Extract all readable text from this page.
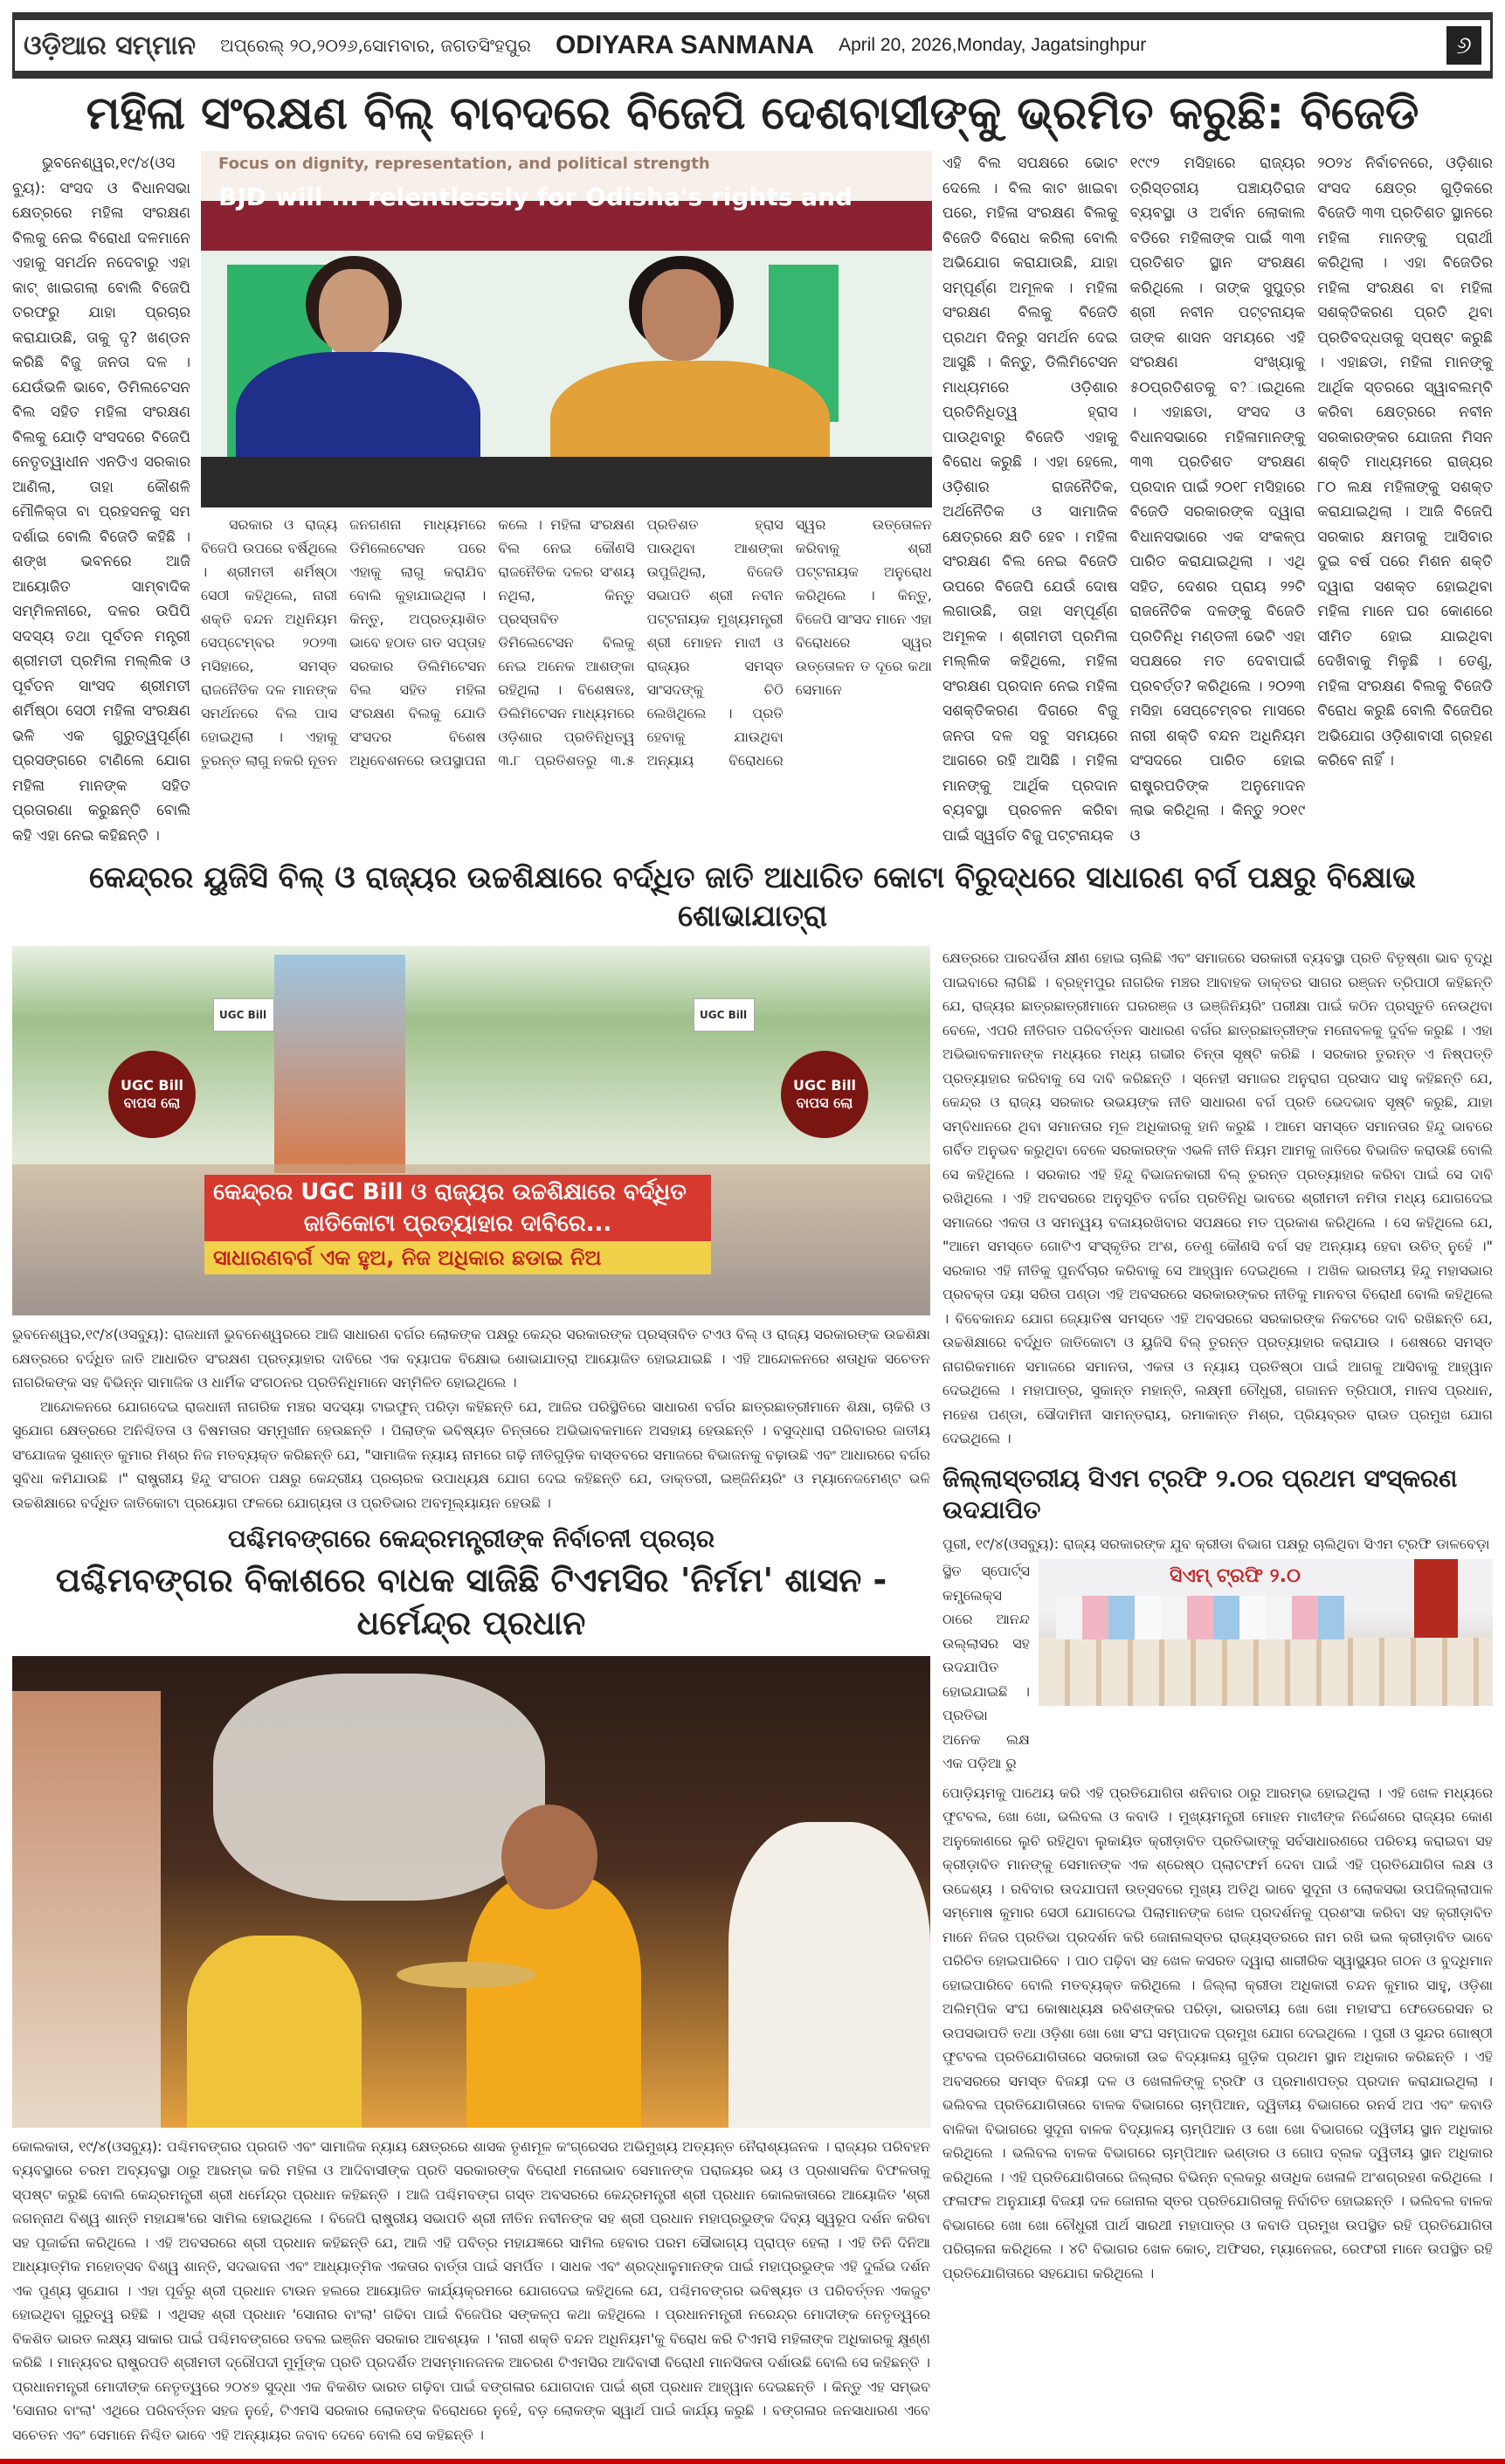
ଓଡ଼ିଆର ସମ୍ମାନ ଅପ୍ରେଲ୍ ୨୦,୨୦୨୬,ସୋମବାର, ଜଗତସିଂହପୁର ODIYARA SANMANA April 20, 2026,Monday, Jagatsinghpur	୬
ମହିଳା ସଂରକ୍ଷଣ ବିଲ୍ ବାବଦରେ ବିଜେପି ଦେଶବାସୀଙ୍କୁ ଭ୍ରମିତ କରୁଛି: ବିଜେଡି

ଭୁବନେଶ୍ୱର,୧୯/୪(ଓସବ୍ୟୁ): ସଂସଦ ଓ ବିଧାନସଭା କ୍ଷେତ୍ରରେ ମହିଳା ସଂରକ୍ଷଣ ବିଲକୁ ନେଇ ବିରୋଧୀ ଦଳମାନେ ଏହାକୁ ସମର୍ଥନ ନଦେବାରୁ ଏହା କାଟ୍ ଖାଇଗଲା ବୋଲି ବିଜେପି ତରଫରୁ ଯାହା ପ୍ରଚାର କରାଯାଉଛି, ତାକୁ ଦୃ? ଖଣ୍ଡନ କରିଛି ବିଜୁ ଜନତା ଦଳ । ଯେଉଁଭଳି ଭାବେ, ଡିମିଲଟେସନ ବିଲ ସହିତ ମହିଳା ସଂରକ୍ଷଣ ବିଲକୁ ଯୋଡ଼ି ସଂସଦରେ ବିଜେପି ନେତୃତ୍ୱାଧୀନ ଏନଡିଏ ସରକାର ଆଣିଲା, ତାହା କୌଶଳି ମୌଳିକ୍ତା ବା ପ୍ରହସନକୁ ସମ ଦର୍ଶାଇ ବୋଲି ବିଜେଡି କହିଛି । ଶଙ୍ଖ ଭବନରେ ଆଜି ଆୟୋଜିତ ସାମ୍ବାଦିକ ସମ୍ମିଳନୀରେ, ଦଳର ଉପିପି ସଦସ୍ୟ ତଥା ପୂର୍ବତନ ମନ୍ତ୍ରୀ ଶ୍ରୀମତୀ ପ୍ରମିଳା ମଲ୍ଲିକ ଓ ପୂର୍ବତନ ସାଂସଦ ଶ୍ରୀମତୀ ଶର୍ମିଷ୍ଠା ସେଠୀ ମହିଳା ସଂରକ୍ଷଣ ଭଳି ଏକ ଗୁରୁତ୍ୱପୂର୍ଣ୍ଣ ପ୍ରସଙ୍ଗରେ ଟାଣିଲେ ଯୋଗ ମହିଳା ମାନଙ୍କ ସହିତ ପ୍ରତାରଣା କରୁଛନ୍ତି ବୋଲି କହି ଏହା ନେଇ କହିଛନ୍ତି ।

Focus on dignity, representation, and political strength
BJD will ... relentlessly for Odisha's rights and

ସରକାର ଓ ରାଜ୍ୟ ବିଜେପି ଉପରେ ବର୍ଷିଥିଲେ । ଶ୍ରୀମତୀ ଶର୍ମିଷ୍ଠା ସେଠୀ କହିଥିଲେ, ନାରୀ ଶକ୍ତି ବନ୍ଦନ ଅଧିନିୟମ ସେପ୍ଟେମ୍ବର ୨୦୨୩ ମସିହାରେ, ସମସ୍ତ ରାଜନୈତିକ ଦଳ ମାନଙ୍କ ସମର୍ଥନରେ ବିଲ ପାସ ହୋଇଥିଲା । ଏହାକୁ ତୁରନ୍ତ ଲାଗୁ ନକରି ନୂତନ ଜନଗଣନା ମାଧ୍ୟମରେ ଡିମିଲେଟେସନ ପରେ ଏହାକୁ ଲାଗୁ କରାଯିବ ବୋଲି କୁହାଯାଇଥିଲା । କିନ୍ତୁ, ଅପ୍ରତ୍ୟାଶିତ ଭାବେ ହଠାତ ଗତ ସପ୍ତାହ ସରକାର ଡିଲିମିଟେସନ ବିଲ ସହିତ ମହିଳା ସଂରକ୍ଷଣ ବିଲକୁ ଯୋଡି ସଂସଦର ବିଶେଷ ଅଧିବେଶନରେ ଉପସ୍ଥାପନା କଲେ । ମହିଳା ସଂରକ୍ଷଣ ବିଲ ନେଇ କୌଣସି ରାଜନୈତିକ ଦଳର ସଂଶୟ ନଥିଲା, କିନ୍ତୁ ପ୍ରସ୍ତାବିତ ଡିମିଲେଟେସନ ବିଲକୁ ନେଇ ଅନେକ ଆଶଙ୍କା ରହିଥିଲା । ବିଶେଷତଃ, ଡିଲିମିଟେସନ ମାଧ୍ୟମରେ ଓଡ଼ିଶାର ପ୍ରତିନିଧିତ୍ୱ ୩.୮ ପ୍ରତିଶତରୁ ୩.୫ ପ୍ରତିଶତ ହ୍ରାସ ପାଉଥିବା ଆଶଙ୍କା ଉପୁଜିଥିଲା, ବିଜେଡି ସଭାପତି ଶ୍ରୀ ନବୀନ ପଟ୍ଟନାୟକ ମୁଖ୍ୟମନ୍ତ୍ରୀ ଶ୍ରୀ ମୋହନ ମାଝୀ ଓ ରାଜ୍ୟର ସମସ୍ତ ସାଂସଦଙ୍କୁ ଚିଠି ଲେଖିଥିଲେ । ପ୍ରତି ହେବାକୁ ଯାଉଥିବା ଅନ୍ୟାୟ ବିରୋଧରେ ସ୍ୱର ଉତ୍ତୋଳନ କରିବାକୁ ଶ୍ରୀ ପଟ୍ଟନାୟକ ଅନୁରୋଧ କରିଥିଲେ । କିନ୍ତୁ, ବିଜେପି ସାଂସଦ ମାନେ ଏହା ବିରୋଧରେ ସ୍ୱର ଉତ୍ତୋଳନ ତ ଦୂରେ କଥା ସେମାନେ

ଏହି ବିଲ ସପକ୍ଷରେ ଭୋଟ ଦେଲେ । ବିଲ କାଟ ଖାଇବା ପରେ, ମହିଳା ସଂରକ୍ଷଣ ବିଲକୁ ବିଜେଡି ବିରୋଧ କରିଲା ବୋଲି ଅଭିଯୋଗ କରାଯାଉଛି, ଯାହା ସମ୍ପୂର୍ଣ୍ଣ ଅମୂଳକ । ମହିଳା ସଂରକ୍ଷଣ ବିଲକୁ ବିଜେଡି ପ୍ରଥମ ଦିନରୁ ସମର୍ଥନ ଦେଇ ଆସୁଛି । କିନ୍ତୁ, ଡିଲିମିଟେସନ ମାଧ୍ୟମରେ ଓଡ଼ିଶାର ପ୍ରତିନିଧିତ୍ୱ ହ୍ରାସ ପାଉଥିବାରୁ ବିଜେଡି ଏହାକୁ ବିରୋଧ କରୁଛି । ଏହା ହେଲେ, ଓଡ଼ିଶାର ରାଜନୈତିକ, ଅର୍ଥନୈତିକ ଓ ସାମାଜିକ କ୍ଷେତ୍ରରେ କ୍ଷତି ହେବ । ମହିଳା ସଂରକ୍ଷଣ ବିଲ ନେଇ ବିଜେଡି ଉପରେ ବିଜେପି ଯେଉଁ ଦୋଷ ଲଗାଉଛି, ତାହା ସମ୍ପୂର୍ଣ୍ଣ ଅମୂଳକ । ଶ୍ରୀମତୀ ପ୍ରମିଳା ମଲ୍ଲିକ କହିଥିଲେ, ମହିଳା ସଂରକ୍ଷଣ ପ୍ରଦାନ ନେଇ ମହିଳା ସଶକ୍ତିକରଣ ଦିଗରେ ବିଜୁ ଜନତା ଦଳ ସବୁ ସମୟରେ ଆଗରେ ରହି ଆସିଛି । ମହିଳା ମାନଙ୍କୁ ଆର୍ଥିକ ପ୍ରଦାନ ବ୍ୟବସ୍ଥା ପ୍ରଚଳନ କରିବା ପାଇଁ ସ୍ୱର୍ଗତ ବିଜୁ ପଟ୍ଟନାୟକ

୧୯୯୨ ମସିହାରେ ରାଜ୍ୟର ତ୍ରିସ୍ତରୀୟ ପଞ୍ଚାୟତିରାଜ ବ୍ୟବସ୍ଥା ଓ ଅର୍ବାନ ଲୋକାଲ ବଡିରେ ମହିଳାଙ୍କ ପାଇଁ ୩୩ ପ୍ରତିଶତ ସ୍ଥାନ ସଂରକ୍ଷଣ କରିଥିଲେ । ତାଙ୍କ ସୁପୁତ୍ର ଶ୍ରୀ ନବୀନ ପଟ୍ଟନାୟକ ତାଙ୍କ ଶାସନ ସମୟରେ ଏହି ସଂରକ୍ଷଣ ସଂଖ୍ୟାକୁ ୫୦ପ୍ରତିଶତକୁ ବ?ାଇଥିଲେ । ଏହାଛଡା, ସଂସଦ ଓ ବିଧାନସଭାରେ ମହିଳାମାନଙ୍କୁ ୩୩ ପ୍ରତିଶତ ସଂରକ୍ଷଣ ପ୍ରଦାନ ପାଇଁ ୨୦୧୮ ମସିହାରେ ବିଜେଡି ସରକାରଙ୍କ ଦ୍ୱାରା ବିଧାନସଭାରେ ଏକ ସଂକଳ୍ପ ପାରିତ କରାଯାଇଥିଲା । ଏଥି ସହିତ, ଦେଶର ପ୍ରାୟ ୨୨ଟି ରାଜନୈତିକ ଦଳଙ୍କୁ ବିଜେଡି ପ୍ରତିନିଧି ମଣ୍ଡଳୀ ଭେଟି ଏହା ସପକ୍ଷରେ ମତ ଦେବାପାଇଁ ପ୍ରବର୍ତ୍ତ? କରିଥିଲେ । ୨୦୨୩ ମସିହା ସେପ୍ଟେମ୍ବର ମାସରେ ନାରୀ ଶକ୍ତି ବନ୍ଦନ ଅଧିନିୟମ ସଂସଦରେ ପାରିତ ହୋଇ ରାଷ୍ଟ୍ରପତିଙ୍କ ଅନୁମୋଦନ ଲାଭ କରିଥିଲା । କିନ୍ତୁ ୨୦୧୯ ଓ

୨୦୨୪ ନିର୍ବାଚନରେ, ଓଡ଼ିଶାର ସଂସଦ କ୍ଷେତ୍ର ଗୁଡ଼ିକରେ ବିଜେଡି ୩୩ ପ୍ରତିଶତ ସ୍ଥାନରେ ମହିଳା ମାନଙ୍କୁ ପ୍ରାର୍ଥୀ କରିଥିଲା । ଏହା ବିଜେଡିର ମହିଳା ସଂରକ୍ଷଣ ବା ମହିଳା ସଶକ୍ତିକରଣ ପ୍ରତି ଥିବା ପ୍ରତିବଦ୍ଧତାକୁ ସ୍ପଷ୍ଟ କରୁଛି । ଏହାଛଡା, ମହିଳା ମାନଙ୍କୁ ଆର୍ଥିକ ସ୍ତରରେ ସ୍ୱାବଲମ୍ବି କରିବା କ୍ଷେତ୍ରରେ ନବୀନ ସରକାରଙ୍କର ଯୋଜନା ମିସନ ଶକ୍ତି ମାଧ୍ୟମରେ ରାଜ୍ୟର ୮୦ ଲକ୍ଷ ମହିଳାଙ୍କୁ ସଶକ୍ତ କରାଯାଇଥିଲା । ଆଜି ବିଜେପି ସରକାର କ୍ଷମତାକୁ ଆସିବାର ଦୁଇ ବର୍ଷ ପରେ ମିଶନ ଶକ୍ତି ଦ୍ୱାରା ସଶକ୍ତ ହୋଇଥିବା ମହିଳା ମାନେ ଘର କୋଣରେ ସୀମିତ ହୋଇ ଯାଇଥିବା ଦେଖିବାକୁ ମିଳୁଛି । ତେଣୁ, ମହିଳା ସଂରକ୍ଷଣ ବିଲକୁ ବିଜେଡି ବିରୋଧ କରୁଛି ବୋଲି ବିଜେପିର ଅଭିଯୋଗ ଓଡ଼ିଶାବାସୀ ଗ୍ରହଣ କରିବେ ନାହିଁ ।

କେନ୍ଦ୍ରର ୟୁଜିସି ବିଲ୍ ଓ ରାଜ୍ୟର ଉଚ୍ଚଶିକ୍ଷାରେ ବର୍ଦ୍ଧିତ ଜାତି ଆଧାରିତ କୋଟା ବିରୁଦ୍ଧରେ ସାଧାରଣ ବର୍ଗ ପକ୍ଷରୁ ବିକ୍ଷୋଭ ଶୋଭାଯାତ୍ରା
କେନ୍ଦ୍ରର UGC Bill ଓ ରାଜ୍ୟର ଉଚ୍ଚଶିକ୍ଷାରେ ବର୍ଦ୍ଧିତ
ଜାତିକୋଟା ପ୍ରତ୍ୟାହାର ଦାବିରେ...
ସାଧାରଣବର୍ଗ ଏକ ହୁଅ, ନିଜ ଅଧିକାର ଛଡାଇ ନିଅ
UGC Bill ବାପସ ଲୋ
UGC Bill ବାପସ ଲୋ
UGC Bill	UGC Bill

ଭୁବନେଶ୍ୱର,୧୯/୪(ଓସବ୍ୟୁ): ରାଜଧାନୀ ଭୁବନେଶ୍ୱରରେ ଆଜି ସାଧାରଣ ବର୍ଗର ଲୋକଙ୍କ ପକ୍ଷରୁ କେନ୍ଦ୍ର ସରକାରଙ୍କ ପ୍ରସ୍ତାବିତ ଟଏଓ ବିଲ୍ ଓ ରାଜ୍ୟ ସରକାରଙ୍କ ଉଚ୍ଚଶିକ୍ଷା କ୍ଷେତ୍ରରେ ବର୍ଦ୍ଧିତ ଜାତି ଆଧାରିତ ସଂରକ୍ଷଣ ପ୍ରତ୍ୟାହାର ଦାବିରେ ଏକ ବ୍ୟାପକ ବିକ୍ଷୋଭ ଶୋଭାଯାତ୍ରା ଆୟୋଜିତ ହୋଇଯାଇଛି । ଏହି ଆନ୍ଦୋଳନରେ ଶତାଧିକ ସଚେତନ ନାଗରିକଙ୍କ ସହ ବିଭିନ୍ନ ସାମାଜିକ ଓ ଧାର୍ମିକ ସଂଗଠନର ପ୍ରତିନିଧିମାନେ ସମ୍ମିଳିତ ହୋଇଥିଲେ ।

ଆନ୍ଦୋଳନରେ ଯୋଗଦେଇ ରାଜଧାନୀ ନାଗରିକ ମଞ୍ଚର ସଦସ୍ୟା ଟାଇଫୁନ୍ ପରିଡ଼ା କହିଛନ୍ତି ଯେ, ଆଜିର ପରିସ୍ଥିତିରେ ସାଧାରଣ ବର୍ଗର ଛାତ୍ରଛାତ୍ରୀମାନେ ଶିକ୍ଷା, ଚାକିରି ଓ ସୁଯୋଗ କ୍ଷେତ୍ରରେ ଅନିଶ୍ଚିତତା ଓ ବିଷମତାର ସମ୍ମୁଖୀନ ହେଉଛନ୍ତି । ପିଲାଙ୍କ ଭବିଷ୍ୟତ ଚିନ୍ତାରେ ଅଭିଭାବକମାନେ ଅସହାୟ ହେଉଛନ୍ତି । ବସୁଦ୍ଧାରା ପରିବାରର ଜାତୀୟ ସଂଯୋଜକ ସୁଶାନ୍ତ କୁମାର ମିଶ୍ର ନିଜ ମତବ୍ୟକ୍ତ କରିଛନ୍ତି ଯେ, "ସାମାଜିକ ନ୍ୟାୟ ନାମରେ ଗଢ଼ି ନୀତିଗୁଡ଼ିକ ବାସ୍ତବରେ ସମାଜରେ ବିଭାଜନକୁ ବଢ଼ାଉଛି ଏବଂ ଆଧାରରେ ବର୍ଗର ସୁବିଧା କମିଯାଉଛି ।" ରାଷ୍ଟ୍ରୀୟ ହିନ୍ଦୁ ସଂଗଠନ ପକ୍ଷରୁ କେନ୍ଦ୍ରୀୟ ପ୍ରଚାରକ ଉପାଧ୍ୟକ୍ଷ ଯୋଗ ଦେଇ କହିଛନ୍ତି ଯେ, ଡାକ୍ତରୀ, ଇଞ୍ଜିନିୟରିଂ ଓ ମ୍ୟାନେଜମେଣ୍ଟ ଭଳି ଉଚ୍ଚଶିକ୍ଷାରେ ବର୍ଦ୍ଧିତ ଜାତିକୋଟା ପ୍ରୟୋଗ ଫଳରେ ଯୋଗ୍ୟତା ଓ ପ୍ରତିଭାର ଅବମୂଲ୍ୟାୟନ ହେଉଛି ।

ପଶ୍ଚିମବଙ୍ଗରେ କେନ୍ଦ୍ରମନ୍ତ୍ରୀଙ୍କ ନିର୍ବାଚନୀ ପ୍ରଚାର
ପଶ୍ଚିମବଙ୍ଗର ବିକାଶରେ ବାଧକ ସାଜିଛି ଟିଏମସିର 'ନିର୍ମମ' ଶାସନ - ଧର୍ମେନ୍ଦ୍ର ପ୍ରଧାନ

କୋଲକାତା, ୧୯/୪(ଓସବ୍ୟୁ): ପଶ୍ଚିମବଙ୍ଗର ପ୍ରଗତି ଏବଂ ସାମାଜିକ ନ୍ୟାୟ କ୍ଷେତ୍ରରେ ଶାସକ ତୃଣମୂଳ କଂଗ୍ରେସର ଅଭିମୁଖ୍ୟ ଅତ୍ୟନ୍ତ ନୈରାଶ୍ୟଜନକ । ରାଜ୍ୟର ପରିବହନ ବ୍ୟବସ୍ଥାରେ ଚରମ ଅବ୍ୟବସ୍ଥା ଠାରୁ ଆରମ୍ଭ କରି ମହିଳା ଓ ଆଦିବାସୀଙ୍କ ପ୍ରତି ସରକାରଙ୍କ ବିରୋଧୀ ମନୋଭାବ ସେମାନଙ୍କ ପରାଜୟର ଭୟ ଓ ପ୍ରଶାସନିକ ବିଫଳତାକୁ ସ୍ପଷ୍ଟ କରୁଛି ବୋଲି କେନ୍ଦ୍ରମନ୍ତ୍ରୀ ଶ୍ରୀ ଧର୍ମେନ୍ଦ୍ର ପ୍ରଧାନ କହିଛନ୍ତି । ଆଜି ପଶ୍ଚିମବଙ୍ଗ ଗସ୍ତ ଅବସରରେ କେନ୍ଦ୍ରମନ୍ତ୍ରୀ ଶ୍ରୀ ପ୍ରଧାନ କୋଲକାତାରେ ଆୟୋଜିତ 'ଶ୍ରୀ ଜଗନ୍ନାଥ ବିଶ୍ୱ ଶାନ୍ତି ମହାଯଜ୍ଞ'ରେ ସାମିଲ ହୋଇଥିଲେ । ବିଜେପି ରାଷ୍ଟ୍ରୀୟ ସଭାପତି ଶ୍ରୀ ନୀତିନ ନବୀନଙ୍କ ସହ ଶ୍ରୀ ପ୍ରଧାନ ମହାପ୍ରଭୁଙ୍କ ଦିବ୍ୟ ସ୍ୱରୂପ ଦର୍ଶନ କରିବା ସହ ପୂଜାର୍ଚ୍ଚନା କରିଥିଲେ । ଏହି ଅବସରରେ ଶ୍ରୀ ପ୍ରଧାନ କହିଛନ୍ତି ଯେ, ଆଜି ଏହି ପବିତ୍ର ମହାଯଜ୍ଞରେ ସାମିଲ ହେବାର ପରମ ସୌଭାଗ୍ୟ ପ୍ରାପ୍ତ ହେଲା । ଏହି ତିନି ଦିନିଆ ଆଧ୍ୟାତ୍ମିକ ମହୋତ୍ସବ ବିଶ୍ୱ ଶାନ୍ତି, ସଦଭାବନା ଏବଂ ଆଧ୍ୟାତ୍ମିକ ଏକତାର ବାର୍ତ୍ତା ପାଇଁ ସମର୍ପିତ । ସାଧକ ଏବଂ ଶ୍ରଦ୍ଧାଳୁମାନଙ୍କ ପାଇଁ ମହାପ୍ରଭୁଙ୍କ ଏହି ଦୁର୍ଲଭ ଦର୍ଶନ ଏକ ପୁଣ୍ୟ ସୁଯୋଗ । ଏହା ପୂର୍ବରୁ ଶ୍ରୀ ପ୍ରଧାନ ଟାଉନ ହଲରେ ଆୟୋଜିତ କାର୍ଯ୍ୟକ୍ରମରେ ଯୋଗଦେଇ କହିଥିଲେ ଯେ, ପଶ୍ଚିମବଙ୍ଗର ଭବିଷ୍ୟତ ଓ ପରିବର୍ତ୍ତନ ଏକଜୁଟ ହୋଇଥିବା ଗୁରୁତ୍ୱ ରହିଛି । ଏଥିସହ ଶ୍ରୀ ପ୍ରଧାନ 'ସୋନାର ବାଂଲା' ଗଢିବା ପାଇଁ ବିଜେପିର ସଙ୍କଳ୍ପ କଥା କହିଥିଲେ । ପ୍ରଧାନମନ୍ତ୍ରୀ ନରେନ୍ଦ୍ର ମୋଦୀଙ୍କ ନେତୃତ୍ୱରେ ବିକଶିତ ଭାରତ ଲକ୍ଷ୍ୟ ସାକାର ପାଇଁ ପଶ୍ଚିମବଙ୍ଗରେ ଡବଲ ଇଞ୍ଜିନ ସରକାର ଆବଶ୍ୟକ । 'ନାରୀ ଶକ୍ତି ବନ୍ଦନ ଅଧିନିୟମ'କୁ ବିରୋଧ କରି ଟିଏମସି ମହିଳାଙ୍କ ଅଧିକାରକୁ କ୍ଷୁଣ୍ଣ କରିଛି । ମାନ୍ୟବର ରାଷ୍ଟ୍ରପତି ଶ୍ରୀମତୀ ଦ୍ରୌପଦୀ ମୁର୍ମୁଙ୍କ ପ୍ରତି ପ୍ରଦର୍ଶିତ ଅସମ୍ମାନଜନକ ଆଚରଣ ଟିଏମସିର ଆଦିବାସୀ ବିରୋଧୀ ମାନସିକତା ଦର୍ଶାଉଛି ବୋଲି ସେ କହିଛନ୍ତି । ପ୍ରଧାନମନ୍ତ୍ରୀ ମୋଦୀଙ୍କ ନେତୃତ୍ୱରେ ୨୦୪୭ ସୁଦ୍ଧା ଏକ ବିକଶିତ ଭାରତ ଗଢ଼ିବା ପାଇଁ ବଙ୍ଗଳାର ଯୋଗଦାନ ପାଇଁ ଶ୍ରୀ ପ୍ରଧାନ ଆହ୍ୱାନ ଦେଇଛନ୍ତି । କିନ୍ତୁ ଏହ ସମ୍ଭବ 'ସୋନାର ବାଂଲା' ଏଥିରେ ପରିବର୍ତ୍ତନ ସହଜ ନୁହେଁ, ଟିଏମସି ସରକାର ଲୋକଙ୍କ ବିରୋଧରେ ନୁହେଁ, ବଡ଼ ଲୋକଙ୍କ ସ୍ୱାର୍ଥ ପାଇଁ କାର୍ଯ୍ୟ କରୁଛି । ବଙ୍ଗଳାର ଜନସାଧାରଣ ଏବେ ସଚେତନ ଏବଂ ସେମାନେ ନିଶ୍ଚିତ ଭାବେ ଏହି ଅନ୍ୟାୟର ଜବାବ ଦେବେ ବୋଲି ସେ କହିଛନ୍ତି ।

କ୍ଷେତ୍ରରେ ପାରଦର୍ଶିତା କ୍ଷୀଣ ହୋଇ ଚାଲିଛି ଏବଂ ସମାଜରେ ସରକାରୀ ବ୍ୟବସ୍ଥା ପ୍ରତି ବିତୃଷ୍ଣା ଭାବ ବୃଦ୍ଧି ପାଇବାରେ ଲାଗିଛି । ବ୍ରହ୍ମପୁର ନାଗରିକ ମଞ୍ଚର ଆବାହକ ଡାକ୍ତର ସାଗର ରଞ୍ଜନ ତ୍ରିପାଠୀ କହିଛନ୍ତି ଯେ, ରାଜ୍ୟର ଛାତ୍ରଛାତ୍ରୀମାନେ ଘରରଞ୍ଜ ଓ ଇଞ୍ଜିନିୟରିଂ ପରୀକ୍ଷା ପାଇଁ କଠିନ ପ୍ରସ୍ତୁତି ନେଉଥିବା ବେଳେ, ଏପରି ନୀତିଗତ ପରିବର୍ତ୍ତନ ସାଧାରଣ ବର୍ଗର ଛାତ୍ରଛାତ୍ରୀଙ୍କ ମନୋବଳକୁ ଦୁର୍ବଳ କରୁଛି । ଏହା ଅଭିଭାବକମାନଙ୍କ ମଧ୍ୟରେ ମଧ୍ୟ ଗଭୀର ଚିନ୍ତା ସୃଷ୍ଟି କରିଛି । ସରକାର ତୁରନ୍ତ ଏ ନିଷ୍ପତ୍ତି ପ୍ରତ୍ୟାହାର କରିବାକୁ ସେ ଦାବି କରିଛନ୍ତି । ସ୍ନେହୀ ସମାଜର ଅନୁରାଗ ପ୍ରସାଦ ସାହୁ କହିଛନ୍ତି ଯେ, କେନ୍ଦ୍ର ଓ ରାଜ୍ୟ ସରକାର ଉଭୟଙ୍କ ନୀତି ସାଧାରଣ ବର୍ଗ ପ୍ରତି ଭେଦଭାବ ସୃଷ୍ଟି କରୁଛି, ଯାହା ସମ୍ବିଧାନରେ ଥିବା ସମାନତାର ମୂଳ ଅଧିକାରକୁ ହାନି କରୁଛି । ଆମେ ସମସ୍ତେ ସମାନତାର ହିନ୍ଦୁ ଭାବରେ ଗର୍ବିତ ଅନୁଭବ କରୁଥିବା ବେଳେ ସରକାରଙ୍କ ଏଭଳି ନୀତି ନିୟମ ଆମକୁ ଜାତିରେ ବିଭାଜିତ କରାଉଛି ବୋଲି ସେ କହିଥିଲେ । ସରକାର ଏହି ହିନ୍ଦୁ ବିଭାଜନକାରୀ ବିଲ୍ ତୁରନ୍ତ ପ୍ରତ୍ୟାହାର କରିବା ପାଇଁ ସେ ଦାବି ରଖିଥିଲେ । ଏହି ଅବସରରେ ଅନୁସୂଚିତ ବର୍ଗର ପ୍ରତିନିଧି ଭାବରେ ଶ୍ରୀମତୀ ନମିତା ମଧ୍ୟ ଯୋଗଦେଇ ସମାଜରେ ଏକତା ଓ ସମନ୍ୱୟ ବଜାୟରଖିବାର ସପକ୍ଷରେ ମତ ପ୍ରକାଶ କରିଥିଲେ । ସେ କହିଥିଲେ ଯେ, "ଆମେ ସମସ୍ତେ ଗୋଟିଏ ସଂସ୍କୃତିର ଅଂଶ, ତେଣୁ କୌଣସି ବର୍ଗ ସହ ଅନ୍ୟାୟ ହେବା ଉଚିତ୍ ନୁହେଁ ।" ସରକାର ଏହି ନୀତିକୁ ପୁନର୍ବିଚାର କରିବାକୁ ସେ ଆହ୍ୱାନ ଦେଇଥିଲେ । ଅଖିଳ ଭାରତୀୟ ହିନ୍ଦୁ ମହାସଭାର ପ୍ରବକ୍ତା ଦୟା ସରିତା ପଣ୍ଡା ଏହି ଅବସରରେ ସରକାରଙ୍କର ନୀତିକୁ ମାନବତା ବିରୋଧୀ ବୋଲି କହିଥିଲେ । ବିବେକାନନ୍ଦ ଯୋଗ ଜ୍ୟୋତିଷ ସମସ୍ତେ ଏହି ଅବସରରେ ସରକାରଙ୍କ ନିକଟରେ ଦାବି ରଖିଛନ୍ତି ଯେ, ଉଚ୍ଚଶିକ୍ଷାରେ ବର୍ଦ୍ଧିତ ଜାତିକୋଟା ଓ ୟୁଜିସି ବିଲ୍ ତୁରନ୍ତ ପ୍ରତ୍ୟାହାର କରାଯାଉ । ଶେଷରେ ସମସ୍ତ ନାଗରିକମାନେ ସମାଜରେ ସମାନତା, ଏକତା ଓ ନ୍ୟାୟ ପ୍ରତିଷ୍ଠା ପାଇଁ ଆଗକୁ ଆସିବାକୁ ଆହ୍ୱାନ ଦେଇଥିଲେ । ମହାପାତ୍ର, ସୁକାନ୍ତ ମହାନ୍ତି, ଲକ୍ଷ୍ମୀ ଚୌଧୁରୀ, ଗଜାନନ ତ୍ରିପାଠୀ, ମାନସ ପ୍ରଧାନ, ମହେଶ ପଣ୍ଡା, ସୌଦାମିନୀ ସାମନ୍ତରାୟ, ରମାକାନ୍ତ ମିଶ୍ର, ପ୍ରିୟବ୍ରତ ରାଉତ ପ୍ରମୁଖ ଯୋଗ ଦେଇଥିଲେ ।

ଜିଲ୍ଲାସ୍ତରୀୟ ସିଏମ ଟ୍ରଫି ୨.୦ର ପ୍ରଥମ ସଂସ୍କରଣ ଉଦଯାପିତ

ପୁରୀ, ୧୯/୪(ଓସବ୍ୟୁ): ରାଜ୍ୟ ସରକାରଙ୍କ ଯୁବ କ୍ରୀଡା ବିଭାଗ ପକ୍ଷରୁ ଚାଲିଥିବା ସିଏମ ଟ୍ରଫି ଡାଳବେଡ଼ା

ସ୍ଥିତ ସ୍ପୋର୍ଟ୍ସ କମ୍ପ୍ଲେକ୍ସ ଠାରେ ଆନନ୍ଦ ଉଲ୍ଲାସର ସହ ଉଦଯାପିତ ହୋଇଯାଇଛି । ପ୍ରତିଭା ଅନେକ ଲକ୍ଷ ଏକ ପଡ଼ିଆ ରୁ

ସିଏମ୍ ଟ୍ରଫି ୨.୦

ପୋଡ଼ିୟମକୁ ପାଥେୟ କରି ଏହି ପ୍ରତିଯୋଗିତା ଶନିବାର ଠାରୁ ଆରମ୍ଭ ହୋଇଥିଲା । ଏହି ଖେଳ ମଧ୍ୟରେ ଫୁଟବଲ, ଖୋ ଖୋ, ଭଲିବଲ ଓ କବାଡି । ମୁଖ୍ୟମନ୍ତ୍ରୀ ମୋହନ ମାଝୀଙ୍କ ନିର୍ଦ୍ଦେଶରେ ରାଜ୍ୟର କୋଣ ଅନୁକୋଣରେ ଲୁଚି ରହିଥିବା ଲୁକାୟିତ କ୍ରୀଡ଼ାବିତ ପ୍ରତିଭାଙ୍କୁ ସର୍ବସାଧାରଣରେ ପରିଚୟ କରାଇବା ସହ କ୍ରୀଡ଼ାବିତ ମାନଙ୍କୁ ସେମାନଙ୍କ ଏକ ଶ୍ରେଷ୍ଠ ପ୍ଲାଟଫର୍ମ ଦେବା ପାଇଁ ଏହି ପ୍ରତିଯୋଗିତା ଲକ୍ଷ ଓ ଉଦ୍ଦେଶ୍ୟ । ରବିବାର ଉଦଯାପନୀ ଉତ୍ସବରେ ମୁଖ୍ୟ ଅତିଥି ଭାବେ ସୁଦୂନା ଓ ଲୋକସଭା ଉପଜିଲ୍ଲାପାଳ ସମ୍ମୋଷ କୁମାର ସେଠୀ ଯୋଗଦେଇ ପିଲାମାନଙ୍କ ଖେଳ ପ୍ରଦର୍ଶନକୁ ପ୍ରଶଂସା କରିବା ସହ କ୍ରୀଡ଼ାବିତ ମାନେ ନିଜର ପ୍ରତିଭା ପ୍ରଦର୍ଶନ କରି ଜୋନାଲସ୍ତର ରାଜ୍ୟସ୍ତରରେ ନାମ ରଖି ଭଲ କ୍ରୀଡ଼ାବିତ ଭାବେ ପରିଚିତ ହୋଇପାରିବେ । ପାଠ ପଢ଼ିବା ସହ ଖେଳ କସରତ ଦ୍ୱାରା ଶାରୀରିକ ସ୍ୱାସ୍ଥ୍ୟର ଗଠନ ଓ ବୁଦ୍ଧିମାନ ହୋଇପାରିବେ ବୋଲି ମତବ୍ୟକ୍ତ କରିଥିଲେ । ଜିଲ୍ଲା କ୍ରୀଡା ଅଧିକାରୀ ଚନ୍ଦନ କୁମାର ସାହୁ, ଓଡ଼ିଶା ଅଲିମ୍ପିକ ସଂଘ କୋଷାଧ୍ୟକ୍ଷ ରବିଶଙ୍କର ପରିଡ଼ା, ଭାରତୀୟ ଖୋ ଖୋ ମହାସଂଘ ଫେଡେରେସନ ର ଉପସଭାପତି ତଥା ଓଡ଼ିଶା ଖୋ ଖୋ ସଂଘ ସମ୍ପାଦକ ପ୍ରମୁଖ ଯୋଗ ଦେଇଥିଲେ । ପୁରୀ ଓ ସୁନ୍ଦର ଗୋଷ୍ଠୀ ଫୁଟବଲ ପ୍ରତିଯୋଗିତାରେ ସରକାରୀ ଉଚ୍ଚ ବିଦ୍ୟାଳୟ ଗୁଡ଼ିକ ପ୍ରଥମ ସ୍ଥାନ ଅଧିକାର କରିଛନ୍ତି । ଏହି ଅବସରରେ ସମସ୍ତ ବିଜୟୀ ଦଳ ଓ ଖେଳାଳିଙ୍କୁ ଟ୍ରଫି ଓ ପ୍ରମାଣପତ୍ର ପ୍ରଦାନ କରାଯାଇଥିଲା । ଭଲିବଲ ପ୍ରତିଯୋଗିତାରେ ବାଳକ ବିଭାଗରେ ଚାମ୍ପିଆନ, ଦ୍ୱିତୀୟ ବିଭାଗରେ ରନର୍ସ ଅପ ଏବଂ କବାଡି ବାଳିକା ବିଭାଗରେ ସୁଦୂନା ବାଳକ ବିଦ୍ୟାଳୟ ଚାମ୍ପିଆନ ଓ ଖୋ ଖୋ ବିଭାଗରେ ଦ୍ୱିତୀୟ ସ୍ଥାନ ଅଧିକାର କରିଥିଲେ । ଭଲିବଲ ବାଳକ ବିଭାଗରେ ଚାମ୍ପିଆନ ଭଣ୍ଡାର ଓ ଗୋପ ବ୍ଲକ ଦ୍ୱିତୀୟ ସ୍ଥାନ ଅଧିକାର କରିଥିଲେ । ଏହି ପ୍ରତିଯୋଗିତାରେ ଜିଲ୍ଲାର ବିଭିନ୍ନ ବ୍ଲକରୁ ଶତାଧିକ ଖେଳାଳି ଅଂଶଗ୍ରହଣ କରିଥିଲେ । ଫଳାଫଳ ଅନୁଯାୟୀ ବିଜୟୀ ଦଳ ଜୋନାଲ ସ୍ତର ପ୍ରତିଯୋଗିତାକୁ ନିର୍ବାଚିତ ହୋଇଛନ୍ତି । ଭଲିବଲ ବାଳକ ବିଭାଗରେ ଖୋ ଖୋ ଚୌଧୁରୀ ପାର୍ଥ ସାରଥୀ ମହାପାତ୍ର ଓ କବାଡି ପ୍ରମୁଖ ଉପସ୍ଥିତ ରହି ପ୍ରତିଯୋଗିତା ପରିଚାଳନା କରିଥିଲେ । ୪ଟି ବିଭାଗର ଖେଳ କୋଚ୍, ଅଫିସର, ମ୍ୟାନେଜର, ରେଫରୀ ମାନେ ଉପସ୍ଥିତ ରହି ପ୍ରତିଯୋଗିତାରେ ସହଯୋଗ କରିଥିଲେ ।
